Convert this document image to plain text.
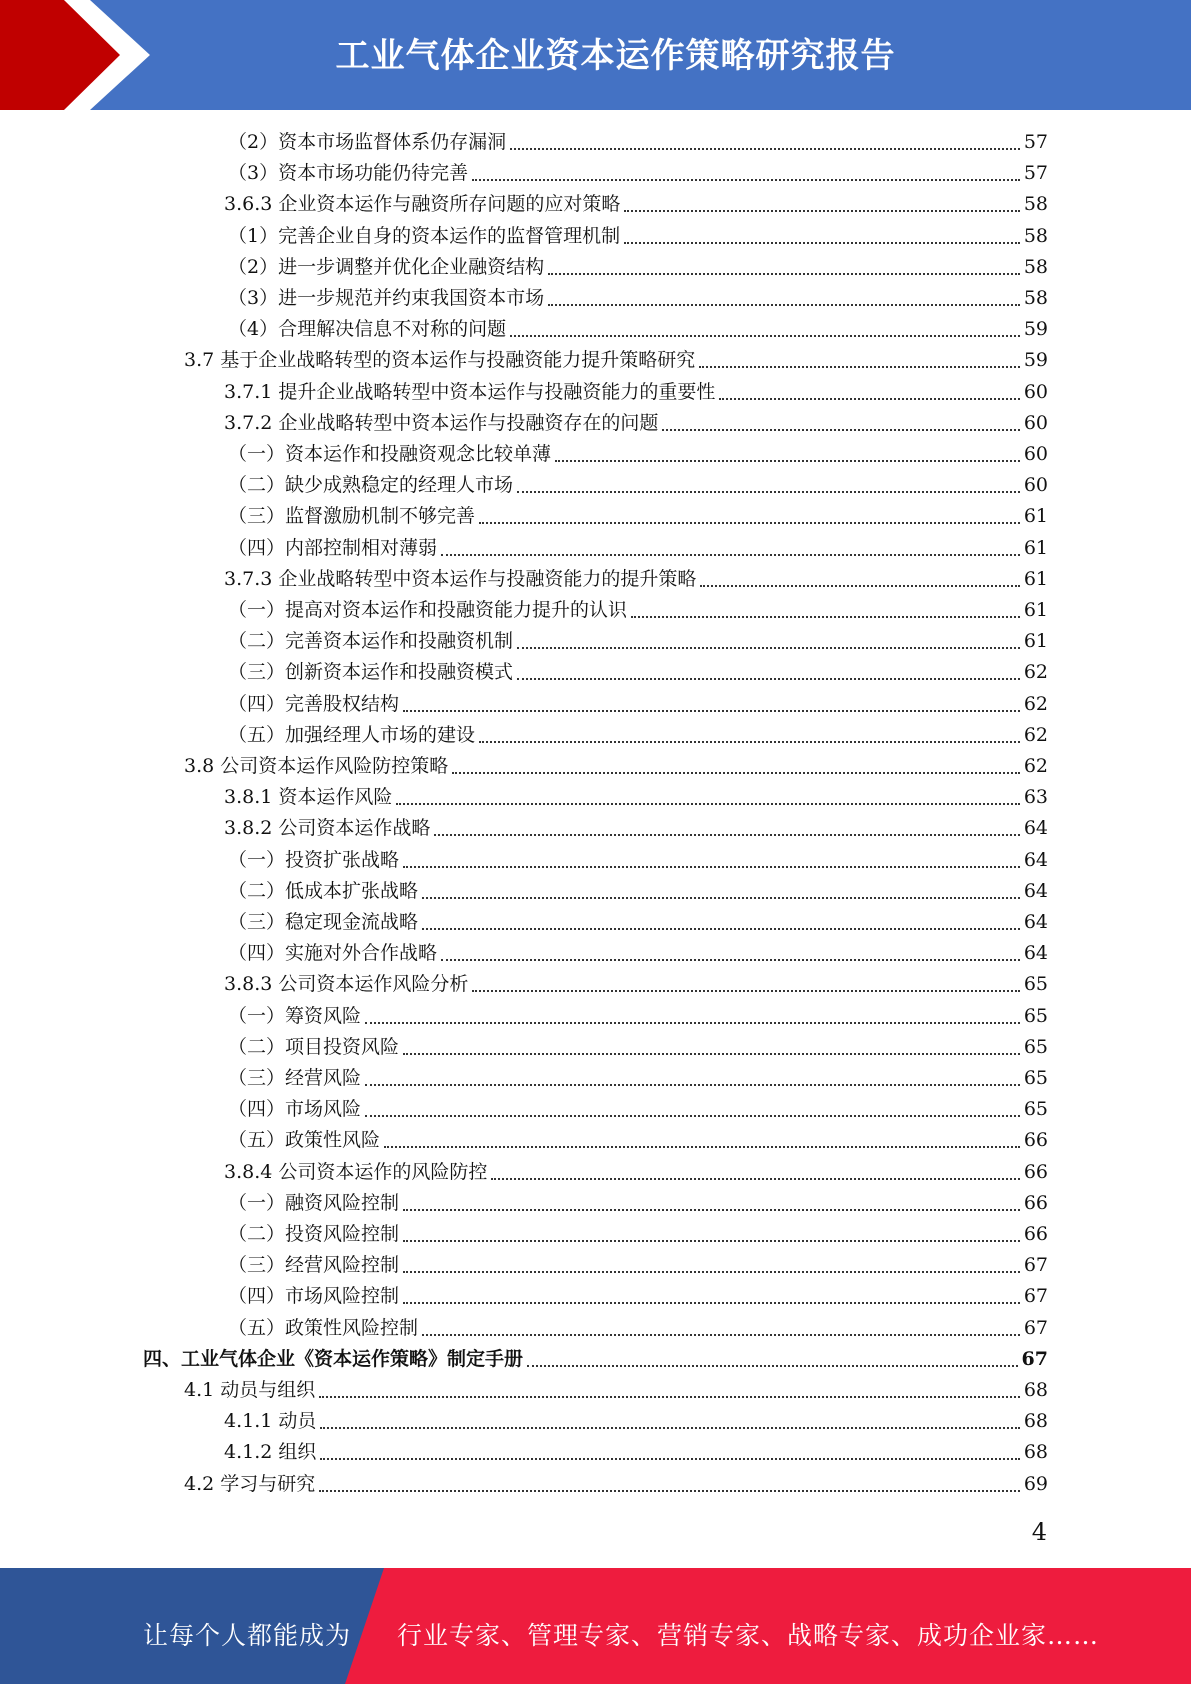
工业气体企业资本运作策略研究报告
（2）资本市场监督体系仍存漏洞	57
（3）资本市场功能仍待完善	57
3.6.3 企业资本运作与融资所存问题的应对策略	58
（1）完善企业自身的资本运作的监督管理机制	58
（2）进一步调整并优化企业融资结构	58
（3）进一步规范并约束我国资本市场	58
（4）合理解决信息不对称的问题	59
3.7 基于企业战略转型的资本运作与投融资能力提升策略研究	59
3.7.1 提升企业战略转型中资本运作与投融资能力的重要性	60
3.7.2 企业战略转型中资本运作与投融资存在的问题	60
（一）资本运作和投融资观念比较单薄	60
（二）缺少成熟稳定的经理人市场	60
（三）监督激励机制不够完善	61
（四）内部控制相对薄弱	61
3.7.3 企业战略转型中资本运作与投融资能力的提升策略	61
（一）提高对资本运作和投融资能力提升的认识	61
（二）完善资本运作和投融资机制	61
（三）创新资本运作和投融资模式	62
（四）完善股权结构	62
（五）加强经理人市场的建设	62
3.8 公司资本运作风险防控策略	62
3.8.1 资本运作风险	63
3.8.2 公司资本运作战略	64
（一）投资扩张战略	64
（二）低成本扩张战略	64
（三）稳定现金流战略	64
（四）实施对外合作战略	64
3.8.3 公司资本运作风险分析	65
（一）筹资风险	65
（二）项目投资风险	65
（三）经营风险	65
（四）市场风险	65
（五）政策性风险	66
3.8.4 公司资本运作的风险防控	66
（一）融资风险控制	66
（二）投资风险控制	66
（三）经营风险控制	67
（四）市场风险控制	67
（五）政策性风险控制	67
四、工业气体企业《资本运作策略》制定手册	67
4.1 动员与组织	68
4.1.1 动员	68
4.1.2 组织	68
4.2 学习与研究	69
4
让每个人都能成为 行业专家、管理专家、营销专家、战略专家、成功企业家……
